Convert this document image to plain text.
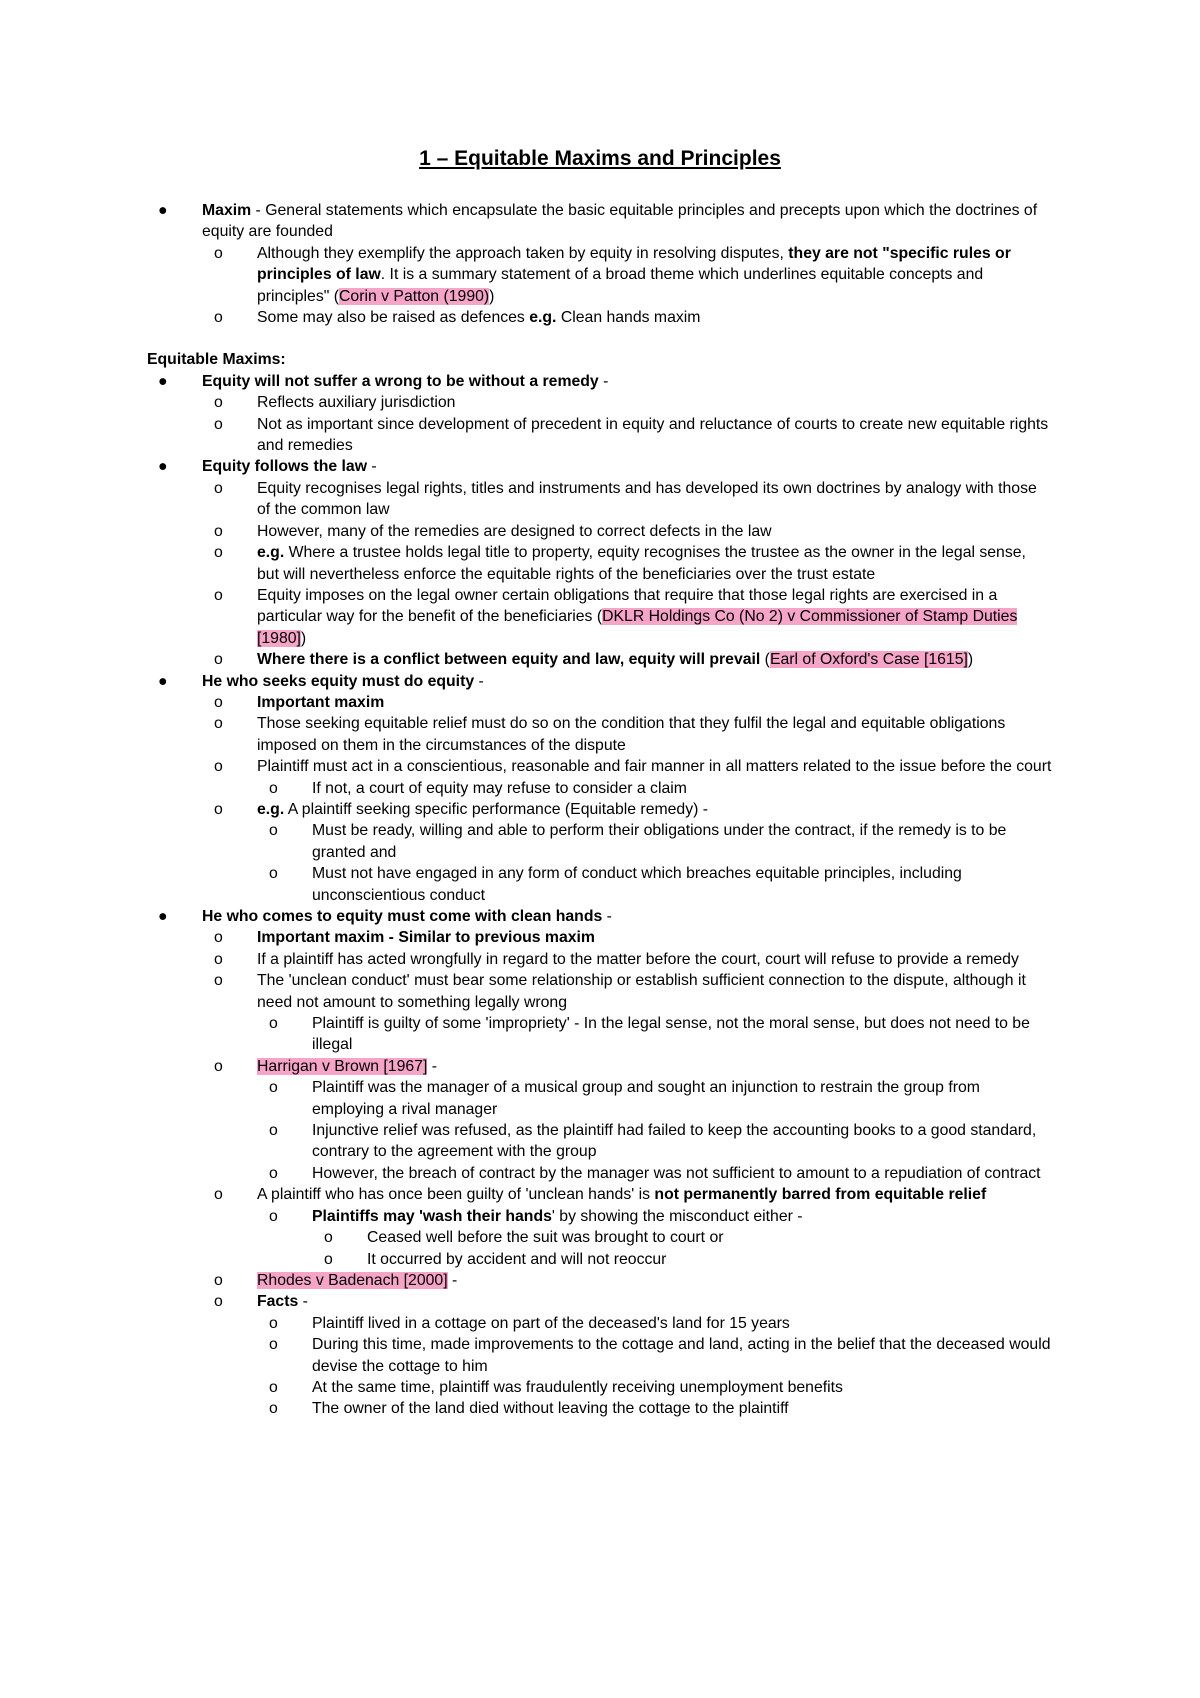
1 – Equitable Maxims and Principles
● Maxim - General statements which encapsulate the basic equitable principles and precepts upon which the doctrines of equity are founded
o Although they exemplify the approach taken by equity in resolving disputes, they are not "specific rules or principles of law. It is a summary statement of a broad theme which underlines equitable concepts and principles" (Corin v Patton (1990))
o Some may also be raised as defences e.g. Clean hands maxim
Equitable Maxims:
● Equity will not suffer a wrong to be without a remedy -
o Reflects auxiliary jurisdiction
o Not as important since development of precedent in equity and reluctance of courts to create new equitable rights and remedies
● Equity follows the law -
o Equity recognises legal rights, titles and instruments and has developed its own doctrines by analogy with those of the common law
o However, many of the remedies are designed to correct defects in the law
o e.g. Where a trustee holds legal title to property, equity recognises the trustee as the owner in the legal sense, but will nevertheless enforce the equitable rights of the beneficiaries over the trust estate
o Equity imposes on the legal owner certain obligations that require that those legal rights are exercised in a particular way for the benefit of the beneficiaries (DKLR Holdings Co (No 2) v Commissioner of Stamp Duties [1980])
o Where there is a conflict between equity and law, equity will prevail (Earl of Oxford's Case [1615])
● He who seeks equity must do equity -
o Important maxim
o Those seeking equitable relief must do so on the condition that they fulfil the legal and equitable obligations imposed on them in the circumstances of the dispute
o Plaintiff must act in a conscientious, reasonable and fair manner in all matters related to the issue before the court
o If not, a court of equity may refuse to consider a claim
o e.g. A plaintiff seeking specific performance (Equitable remedy) -
o Must be ready, willing and able to perform their obligations under the contract, if the remedy is to be granted and
o Must not have engaged in any form of conduct which breaches equitable principles, including unconscientious conduct
● He who comes to equity must come with clean hands -
o Important maxim - Similar to previous maxim
o If a plaintiff has acted wrongfully in regard to the matter before the court, court will refuse to provide a remedy
o The 'unclean conduct' must bear some relationship or establish sufficient connection to the dispute, although it need not amount to something legally wrong
o Plaintiff is guilty of some 'impropriety' - In the legal sense, not the moral sense, but does not need to be illegal
o Harrigan v Brown [1967] -
o Plaintiff was the manager of a musical group and sought an injunction to restrain the group from employing a rival manager
o Injunctive relief was refused, as the plaintiff had failed to keep the accounting books to a good standard, contrary to the agreement with the group
o However, the breach of contract by the manager was not sufficient to amount to a repudiation of contract
o A plaintiff who has once been guilty of 'unclean hands' is not permanently barred from equitable relief
o Plaintiffs may 'wash their hands' by showing the misconduct either -
o Ceased well before the suit was brought to court or
o It occurred by accident and will not reoccur
o Rhodes v Badenach [2000] -
o Facts -
o Plaintiff lived in a cottage on part of the deceased's land for 15 years
o During this time, made improvements to the cottage and land, acting in the belief that the deceased would devise the cottage to him
o At the same time, plaintiff was fraudulently receiving unemployment benefits
o The owner of the land died without leaving the cottage to the plaintiff
